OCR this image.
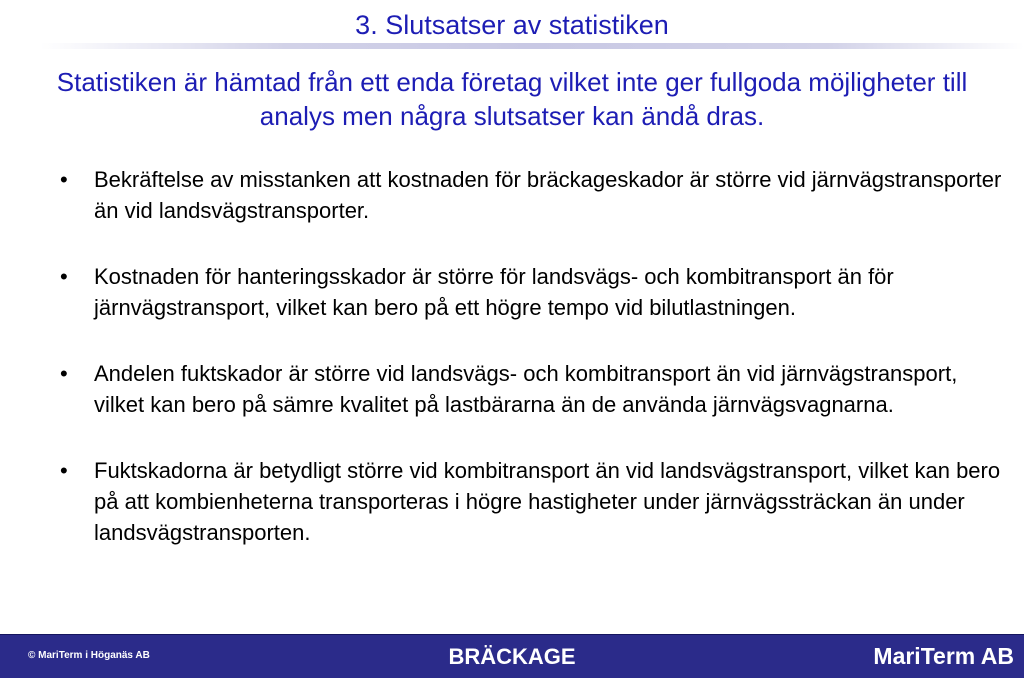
3. Slutsatser av statistiken
Statistiken är hämtad från ett enda företag vilket inte ger fullgoda möjligheter till analys men några slutsatser kan ändå dras.
• Bekräftelse av misstanken att kostnaden för bräckageskador är större vid järnvägstransporter än vid landsvägstransporter.
• Kostnaden för hanteringsskador är större för landsvägs- och kombitransport än för järnvägstransport, vilket kan bero på ett högre tempo vid bilutlastningen.
• Andelen fuktskador är större vid landsvägs- och kombitransport än vid järnvägstransport, vilket kan bero på sämre kvalitet på lastbärarna än de använda järnvägsvagnarna.
• Fuktskadorna är betydligt större vid kombitransport än vid landsvägstransport, vilket kan bero på att kombienheterna transporteras i högre hastigheter under järnvägssträckan än under landsvägstransporten.
© MariTerm i Höganäs AB	BRÄCKAGE	MariTerm AB
